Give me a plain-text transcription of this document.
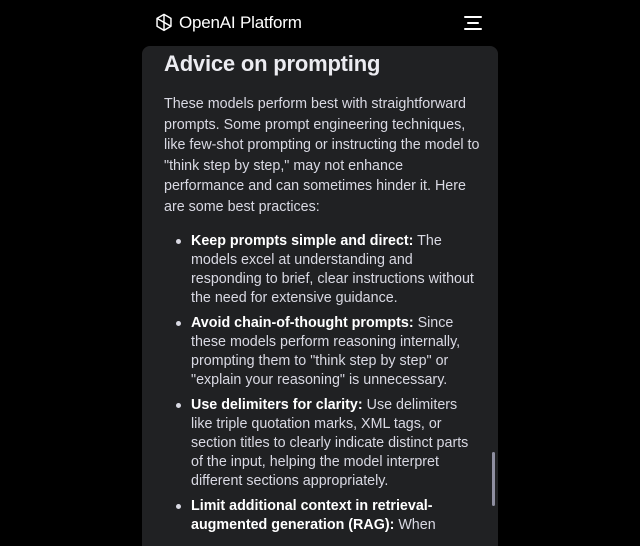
OpenAI Platform
Advice on prompting

These models perform best with straightforward prompts. Some prompt engineering techniques, like few-shot prompting or instructing the model to "think step by step," may not enhance performance and can sometimes hinder it. Here are some best practices:

Keep prompts simple and direct: The models excel at understanding and responding to brief, clear instructions without the need for extensive guidance.
Avoid chain-of-thought prompts: Since these models perform reasoning internally, prompting them to "think step by step" or "explain your reasoning" is unnecessary.
Use delimiters for clarity: Use delimiters like triple quotation marks, XML tags, or section titles to clearly indicate distinct parts of the input, helping the model interpret different sections appropriately.
Limit additional context in retrieval-augmented generation (RAG): When
